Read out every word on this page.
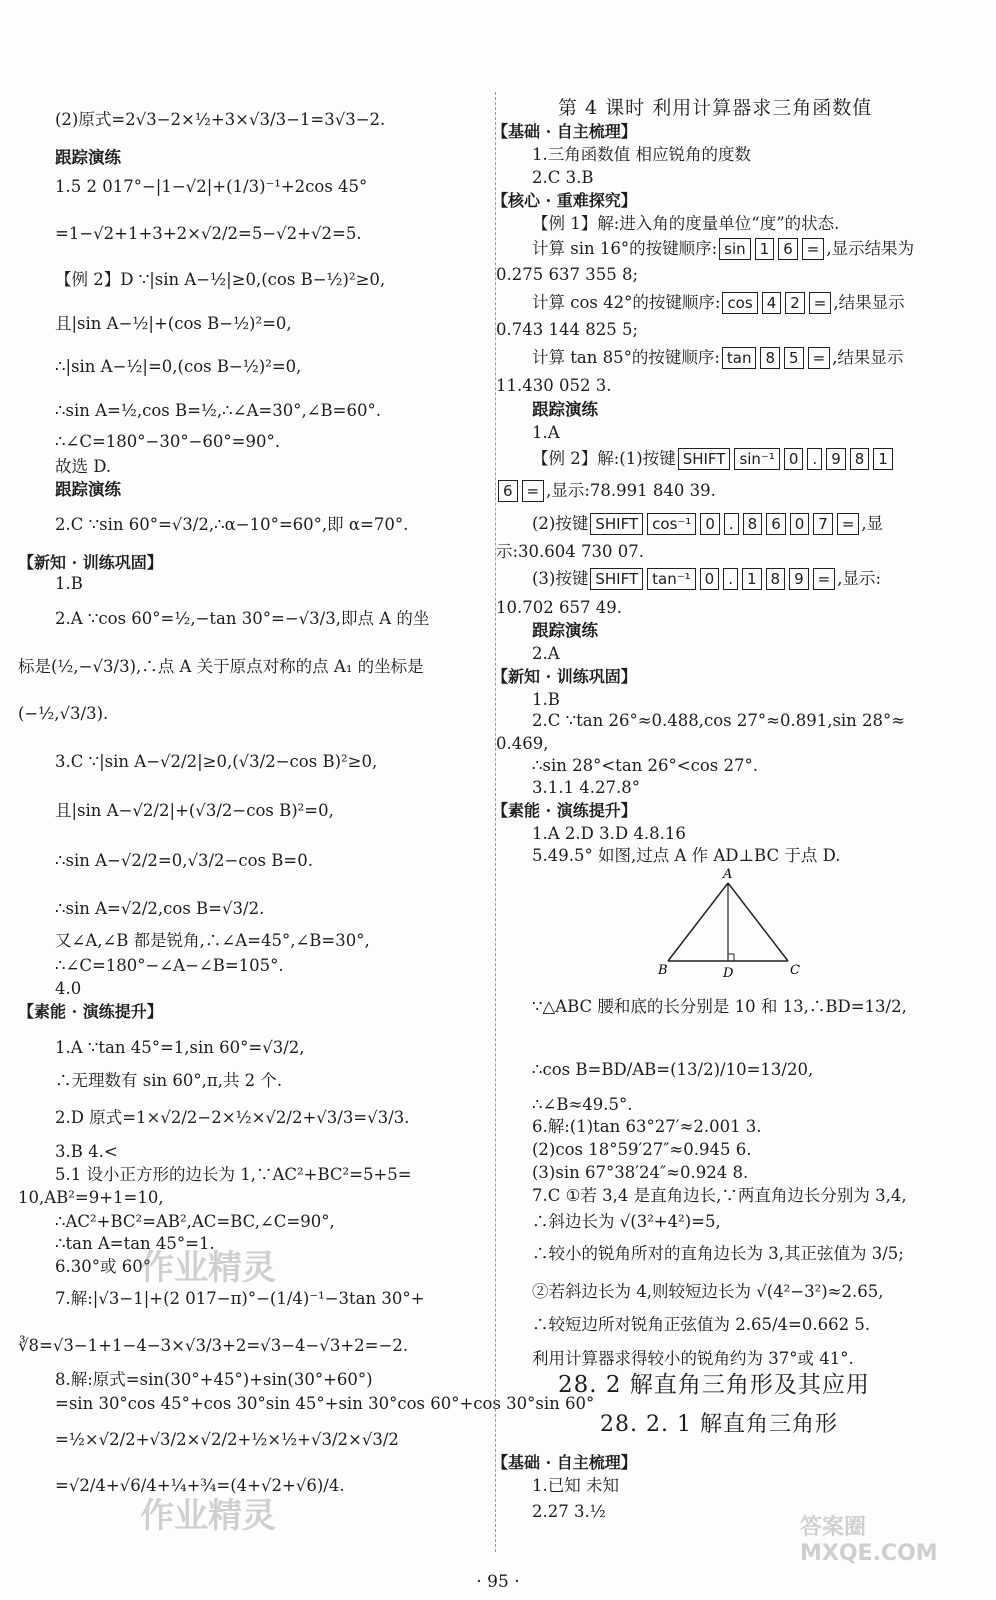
(2)原式=2√3−2×½+3×√3/3−1=3√3−2.
跟踪演练
1.5 2 017°−|1−√2|+(1/3)⁻¹+2cos 45°
=1−√2+1+3+2×√2/2=5−√2+√2=5.
【例 2】D ∵|sin A−½|≥0,(cos B−½)²≥0,
且|sin A−½|+(cos B−½)²=0,
∴|sin A−½|=0,(cos B−½)²=0,
∴sin A=½,cos B=½,∴∠A=30°,∠B=60°.
∴∠C=180°−30°−60°=90°.
故选 D.
跟踪演练
2.C ∵sin 60°=√3/2,∴α−10°=60°,即 α=70°.
【新知 · 训练巩固】
1.B
2.A ∵cos 60°=½,−tan 30°=−√3/3,即点 A 的坐
标是(½,−√3/3),∴点 A 关于原点对称的点 A₁ 的坐标是
(−½,√3/3).
3.C ∵|sin A−√2/2|≥0,(√3/2−cos B)²≥0,
且|sin A−√2/2|+(√3/2−cos B)²=0,
∴sin A−√2/2=0,√3/2−cos B=0.
∴sin A=√2/2,cos B=√3/2.
又∠A,∠B 都是锐角,∴∠A=45°,∠B=30°,
∴∠C=180°−∠A−∠B=105°.
4.0
【素能 · 演练提升】
1.A ∵tan 45°=1,sin 60°=√3/2,
∴无理数有 sin 60°,π,共 2 个.
2.D 原式=1×√2/2−2×½×√2/2+√3/3=√3/3.
3.B 4.<
5.1 设小正方形的边长为 1,∵AC²+BC²=5+5=
10,AB²=9+1=10,
∴AC²+BC²=AB²,AC=BC,∠C=90°,
∴tan A=tan 45°=1.
6.30°或 60°
7.解:|√3−1|+(2 017−π)°−(1/4)⁻¹−3tan 30°+
∛8=√3−1+1−4−3×√3/3+2=√3−4−√3+2=−2.
8.解:原式=sin(30°+45°)+sin(30°+60°)
=sin 30°cos 45°+cos 30°sin 45°+sin 30°cos 60°+cos 30°sin 60°
=½×√2/2+√3/2×√2/2+½×½+√3/2×√3/2
=√2/4+√6/4+¼+¾=(4+√2+√6)/4.
A
B	C
D
第 4 课时 利用计算器求三角函数值
【基础 · 自主梳理】
1.三角函数值 相应锐角的度数
2.C 3.B
【核心 · 重难探究】
【例 1】解:进入角的度量单位“度”的状态.
计算 sin 16°的按键顺序: sin 1 6 = ,显示结果为
0.275 637 355 8;
计算 cos 42°的按键顺序: cos 4 2 = ,结果显示
0.743 144 825 5;
计算 tan 85°的按键顺序: tan 8 5 = ,结果显示
11.430 052 3.
跟踪演练
1.A
【例 2】解:(1)按键 SHIFT sin⁻¹ 0 . 9 8 1
6 = ,显示:78.991 840 39.
(2)按键 SHIFT cos⁻¹ 0 . 8 6 0 7 = ,显
示:30.604 730 07.
(3)按键 SHIFT tan⁻¹ 0 . 1 8 9 = ,显示:
10.702 657 49.
跟踪演练
2.A
【新知 · 训练巩固】
1.B
2.C ∵tan 26°≈0.488,cos 27°≈0.891,sin 28°≈
0.469,
∴sin 28°<tan 26°<cos 27°.
3.1.1 4.27.8°
【素能 · 演练提升】
1.A 2.D 3.D 4.8.16
5.49.5° 如图,过点 A 作 AD⊥BC 于点 D.
∵△ABC 腰和底的长分别是 10 和 13,∴BD=13/2,
∴cos B=BD/AB=(13/2)/10=13/20,
∴∠B≈49.5°.
6.解:(1)tan 63°27′≈2.001 3.
(2)cos 18°59′27″≈0.945 6.
(3)sin 67°38′24″≈0.924 8.
7.C ①若 3,4 是直角边长,∵两直角边长分别为 3,4,
∴斜边长为 √(3²+4²)=5,
∴较小的锐角所对的直角边长为 3,其正弦值为 3/5;
②若斜边长为 4,则较短边长为 √(4²−3²)≈2.65,
∴较短边所对锐角正弦值为 2.65/4=0.662 5.
利用计算器求得较小的锐角约为 37°或 41°.
28. 2 解直角三角形及其应用
28. 2. 1 解直角三角形
【基础 · 自主梳理】
1.已知 未知
2.27 3.½
作业精灵
作业精灵	答案圈 MXQE.COM
· 95 ·
